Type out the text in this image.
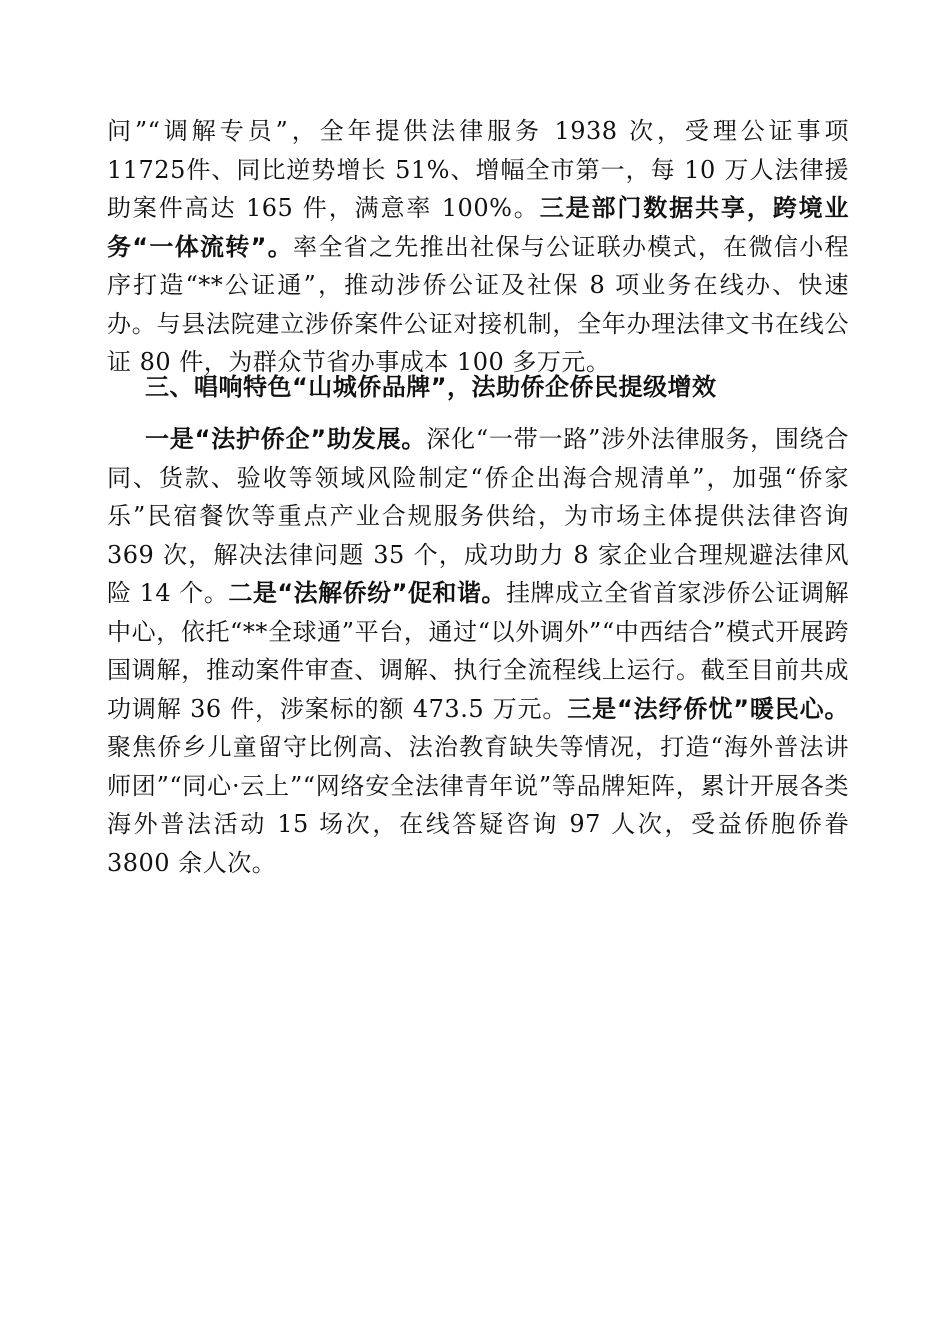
问”“调解专员”，全年提供法律服务 1938 次，受理公证事项 11725件、同比逆势增长 51%、增幅全市第一，每 10 万人法律援助案件高达 165 件，满意率 100%。三是部门数据共享，跨境业务“一体流转”。率全省之先推出社保与公证联办模式，在微信小程序打造“**公证通”，推动涉侨公证及社保 8 项业务在线办、快速办。与县法院建立涉侨案件公证对接机制，全年办理法律文书在线公证 80 件，为群众节省办事成本 100 多万元。

三、唱响特色“山城侨品牌”，法助侨企侨民提级增效

一是“法护侨企”助发展。深化“一带一路”涉外法律服务，围绕合同、货款、验收等领域风险制定“侨企出海合规清单”，加强“侨家乐”民宿餐饮等重点产业合规服务供给，为市场主体提供法律咨询 369 次，解决法律问题 35 个，成功助力 8 家企业合理规避法律风险 14 个。二是“法解侨纷”促和谐。挂牌成立全省首家涉侨公证调解中心，依托“**全球通”平台，通过“以外调外”“中西结合”模式开展跨国调解，推动案件审查、调解、执行全流程线上运行。截至目前共成功调解 36 件，涉案标的额 473.5 万元。三是“法纾侨忧”暖民心。聚焦侨乡儿童留守比例高、法治教育缺失等情况，打造“海外普法讲师团”“同心·云上”“网络安全法律青年说”等品牌矩阵，累计开展各类海外普法活动 15 场次，在线答疑咨询 97 人次，受益侨胞侨眷 3800 余人次。
